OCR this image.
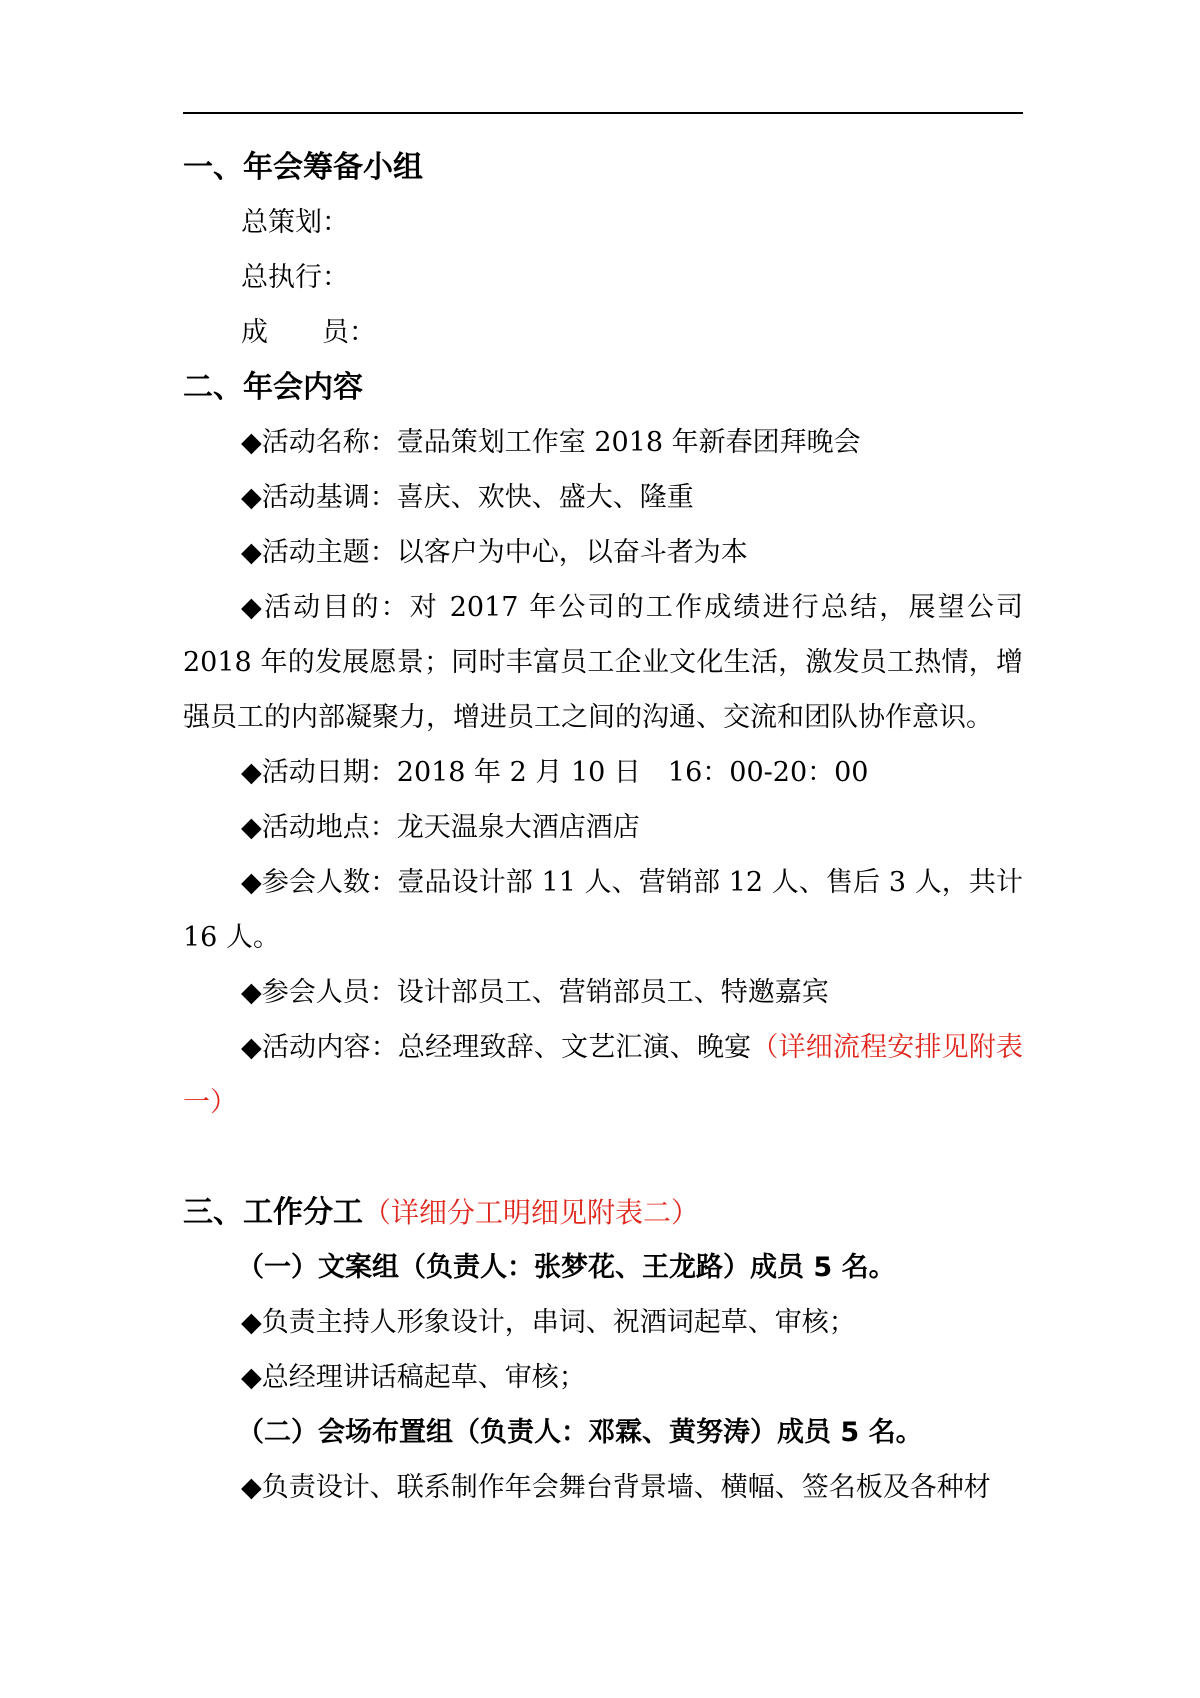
一、年会筹备小组
总策划：
总执行：
成　　员：
二、年会内容
◆活动名称：壹品策划工作室 2018 年新春团拜晚会
◆活动基调：喜庆、欢快、盛大、隆重
◆活动主题：以客户为中心，以奋斗者为本
◆活动目的：对 2017 年公司的工作成绩进行总结，展望公司 2018 年的发展愿景；同时丰富员工企业文化生活，激发员工热情，增强员工的内部凝聚力，增进员工之间的沟通、交流和团队协作意识。
◆活动日期：2018 年 2 月 10 日　16：00-20：00
◆活动地点：龙天温泉大酒店酒店
◆参会人数：壹品设计部 11 人、营销部 12 人、售后 3 人，共计 16 人。
◆参会人员：设计部员工、营销部员工、特邀嘉宾
◆活动内容：总经理致辞、文艺汇演、晚宴（详细流程安排见附表一）
三、工作分工（详细分工明细见附表二）
（一）文案组（负责人：张梦花、王龙路）成员 5 名。
◆负责主持人形象设计，串词、祝酒词起草、审核；
◆总经理讲话稿起草、审核；
（二）会场布置组（负责人：邓霖、黄努涛）成员 5 名。
◆负责设计、联系制作年会舞台背景墙、横幅、签名板及各种材
